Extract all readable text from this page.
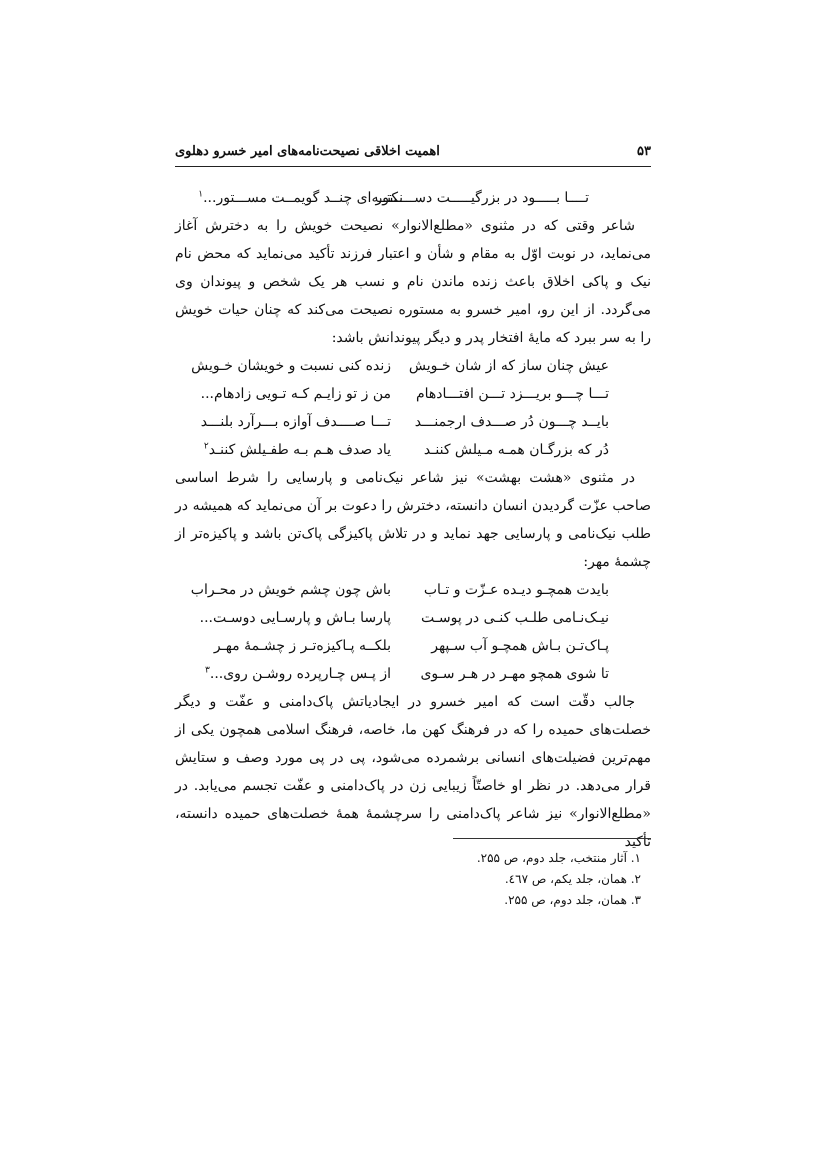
۵۳
اهمیت اخلاقی نصیحت‌نامه‌های امیر خسرو دهلوی
تــــا بـــــود در بزرگیـــــت دســـــتور
نکتــه‌ای چنــد گویمــت مســـتور...$^۱$

شاعر وقتی که در مثنوی «مطلع‌الانوار» نصیحت خویش را به دخترش آغاز می‌نماید، در نوبت اوّل به مقام و شأن و اعتبار فرزند تأکید می‌نماید که محض نام نیک و پاکی اخلاق باعث زنده ماندن نام و نسب هر یک شخص و پیوندان وی می‌گردد. از این رو، امیر خسرو به مستوره نصیحت می‌کند که چنان حیات خویش را به سر ببرد که مایهٔ افتخار پدر و دیگر پیوندانش باشد:

عیش چنان ساز که از شان خـویش
زنده کنی نسبت و خویشان خـویش
تـــا چـــو بریـــزد تـــن افتـــادهام
من ز تو زایـم کـه تـویی زادهام...
بایــد چـــون دُر صـــدف ارجمنـــد
تـــا صــــدف آوازه بـــرآرد بلنـــد
دُر که بزرگـان همـه مـیلش کننـد
یاد صدف هـم بـه طفـیلش کننـد$^۲$

در مثنوی «هشت بهشت» نیز شاعر نیک‌نامی و پارسایی را شرط اساسی صاحب عزّت گردیدن انسان دانسته، دخترش را دعوت بر آن می‌نماید که همیشه در طلب نیک‌نامی و پارسایی جهد نماید و در تلاش پاکیزگی پاک‌تن باشد و پاکیزه‌تر از چشمهٔ مهر:

بایدت همچـو دیـده عـزّت و تـاب
باش چون چشم خویش در محـراب
نیـک‌نـامی طلـب کنـی در پوسـت
پارسا بـاش و پارسـایی دوسـت...
پـاک‌تـن بـاش همچـو آب سـپهر
بلکــه پـاکیزه‌تـر ز چشـمهٔ مهـر
تا شوی همچو مهـر در هـر سـوی
از پـس چـارپرده روشـن روی...$^۳$

جالب دقّت است که امیر خسرو در ایجادیاتش پاک‌دامنی و عفّت و دیگر خصلت‌های حمیده را که در فرهنگ کهن ما، خاصه، فرهنگ اسلامی همچون یکی از مهم‌ترین فضیلت‌های انسانی برشمرده می‌شود، پی در پی مورد وصف و ستایش قرار می‌دهد. در نظر او خاصتّاً زیبایی زن در پاک‌دامنی و عفّت تجسم می‌یابد. در «مطلع‌الانوار» نیز شاعر پاک‌دامنی را سرچشمهٔ همهٔ خصلت‌های حمیده دانسته، تأکید

۱. آثار منتخب، جلد دوم، ص ۲۵۵.
۲. همان، جلد یکم، ص ٤٦٧.
۳. همان، جلد دوم، ص ۲۵۵.
